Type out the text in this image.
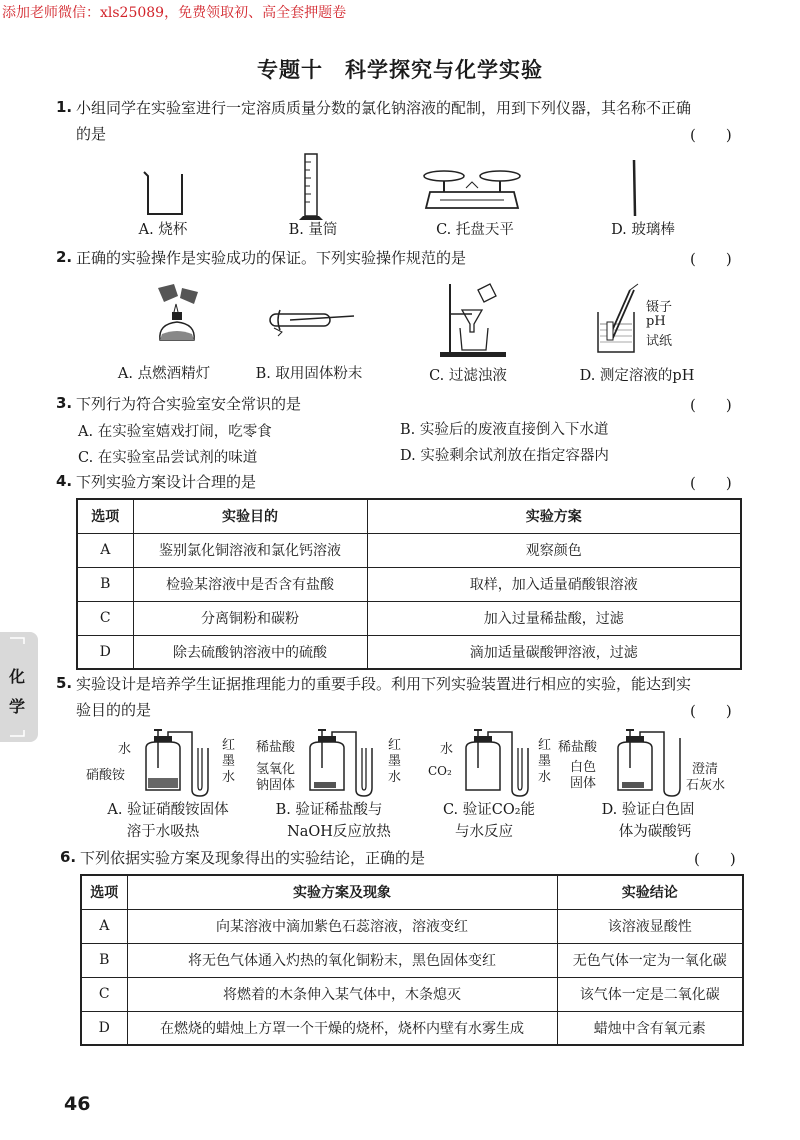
添加老师微信：xls25089，免费领取初、高全套押题卷
专题十　科学探究与化学实验
化
学
1. 小组同学在实验室进行一定溶质质量分数的氯化钠溶液的配制，用到下列仪器，其名称不正确
的是	(　　)
A. 烧杯	B. 量筒	C. 托盘天平	D. 玻璃棒
2. 正确的实验操作是实验成功的保证。下列实验操作规范的是	(　　)
镊子
pH
试纸
A. 点燃酒精灯	B. 取用固体粉末	C. 过滤浊液	D. 测定溶液的pH
3. 下列行为符合实验室安全常识的是	(　　)
A. 在实验室嬉戏打闹，吃零食	B. 实验后的废液直接倒入下水道
C. 在实验室品尝试剂的味道	D. 实验剩余试剂放在指定容器内
4. 下列实验方案设计合理的是	(　　)
选项	实验目的	实验方案
A	鉴别氯化铜溶液和氯化钙溶液	观察颜色
B	检验某溶液中是否含有盐酸	取样，加入适量硝酸银溶液
C	分离铜粉和碳粉	加入过量稀盐酸，过滤
D	除去硫酸钠溶液中的硫酸	滴加适量碳酸钾溶液，过滤
5. 实验设计是培养学生证据推理能力的重要手段。利用下列实验装置进行相应的实验，能达到实
验目的的是	(　　)
水
硝酸铵
红
墨
水
稀盐酸
氢氧化
钠固体
红
墨
水
水
CO₂
红
墨
水
稀盐酸
白色
固体
澄清
石灰水
A. 验证硝酸铵固体
溶于水吸热
B. 验证稀盐酸与
NaOH反应放热
C. 验证CO₂能
与水反应
D. 验证白色固
体为碳酸钙
6. 下列依据实验方案及现象得出的实验结论，正确的是	(　　)
选项	实验方案及现象	实验结论
A	向某溶液中滴加紫色石蕊溶液，溶液变红	该溶液显酸性
B	将无色气体通入灼热的氧化铜粉末，黑色固体变红	无色气体一定为一氧化碳
C	将燃着的木条伸入某气体中，木条熄灭	该气体一定是二氧化碳
D	在燃烧的蜡烛上方罩一个干燥的烧杯，烧杯内壁有水雾生成	蜡烛中含有氧元素
46
